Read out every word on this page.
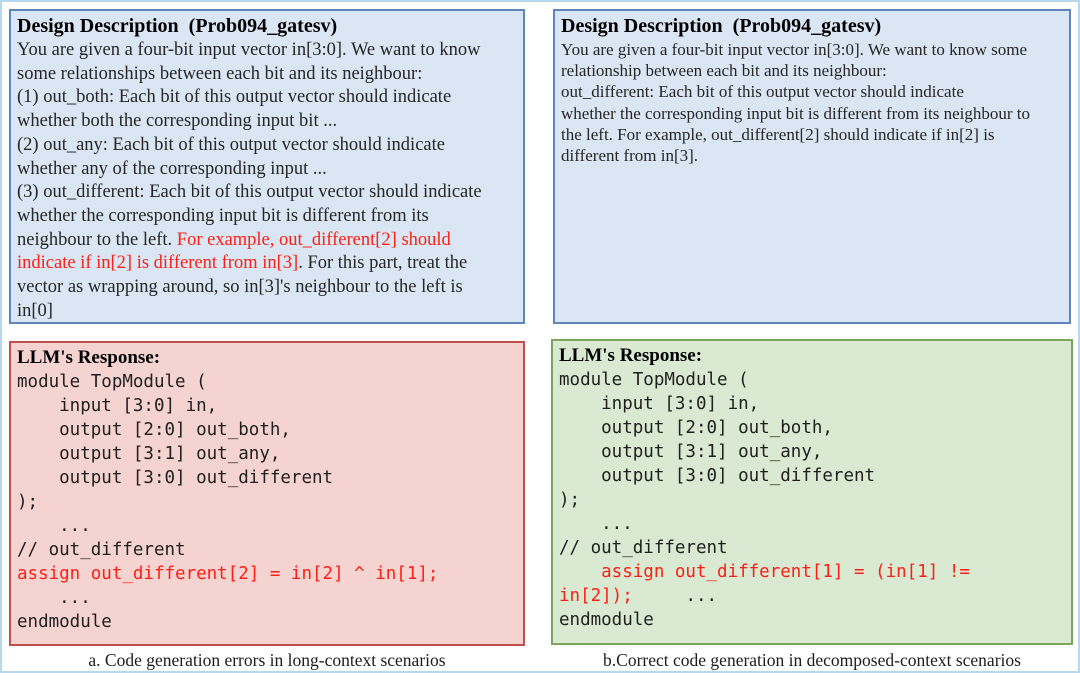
Design Description  (Prob094_gatesv)
You are given a four-bit input vector in[3:0]. We want to know
some relationships between each bit and its neighbour:
(1) out_both: Each bit of this output vector should indicate
whether both the corresponding input bit ...
(2) out_any: Each bit of this output vector should indicate
whether any of the corresponding input ...
(3) out_different: Each bit of this output vector should indicate
whether the corresponding input bit is different from its
neighbour to the left. For example, out_different[2] should
indicate if in[2] is different from in[3]. For this part, treat the
vector as wrapping around, so in[3]'s neighbour to the left is
in[0]
Design Description  (Prob094_gatesv)
You are given a four-bit input vector in[3:0]. We want to know some
relationship between each bit and its neighbour:
out_different: Each bit of this output vector should indicate
whether the corresponding input bit is different from its neighbour to
the left. For example, out_different[2] should indicate if in[2] is
different from in[3].
LLM's Response:
module TopModule (
input [3:0] in,
output [2:0] out_both,
output [3:1] out_any,
output [3:0] out_different
);
...
// out_different
assign out_different[2] = in[2] ^ in[1];
...
endmodule
LLM's Response:
module TopModule (
input [3:0] in,
output [2:0] out_both,
output [3:1] out_any,
output [3:0] out_different
);
...
// out_different
assign out_different[1] = (in[1] !=
in[2]);     ...
endmodule
a. Code generation errors in long-context scenarios	b.Correct code generation in decomposed-context scenarios
